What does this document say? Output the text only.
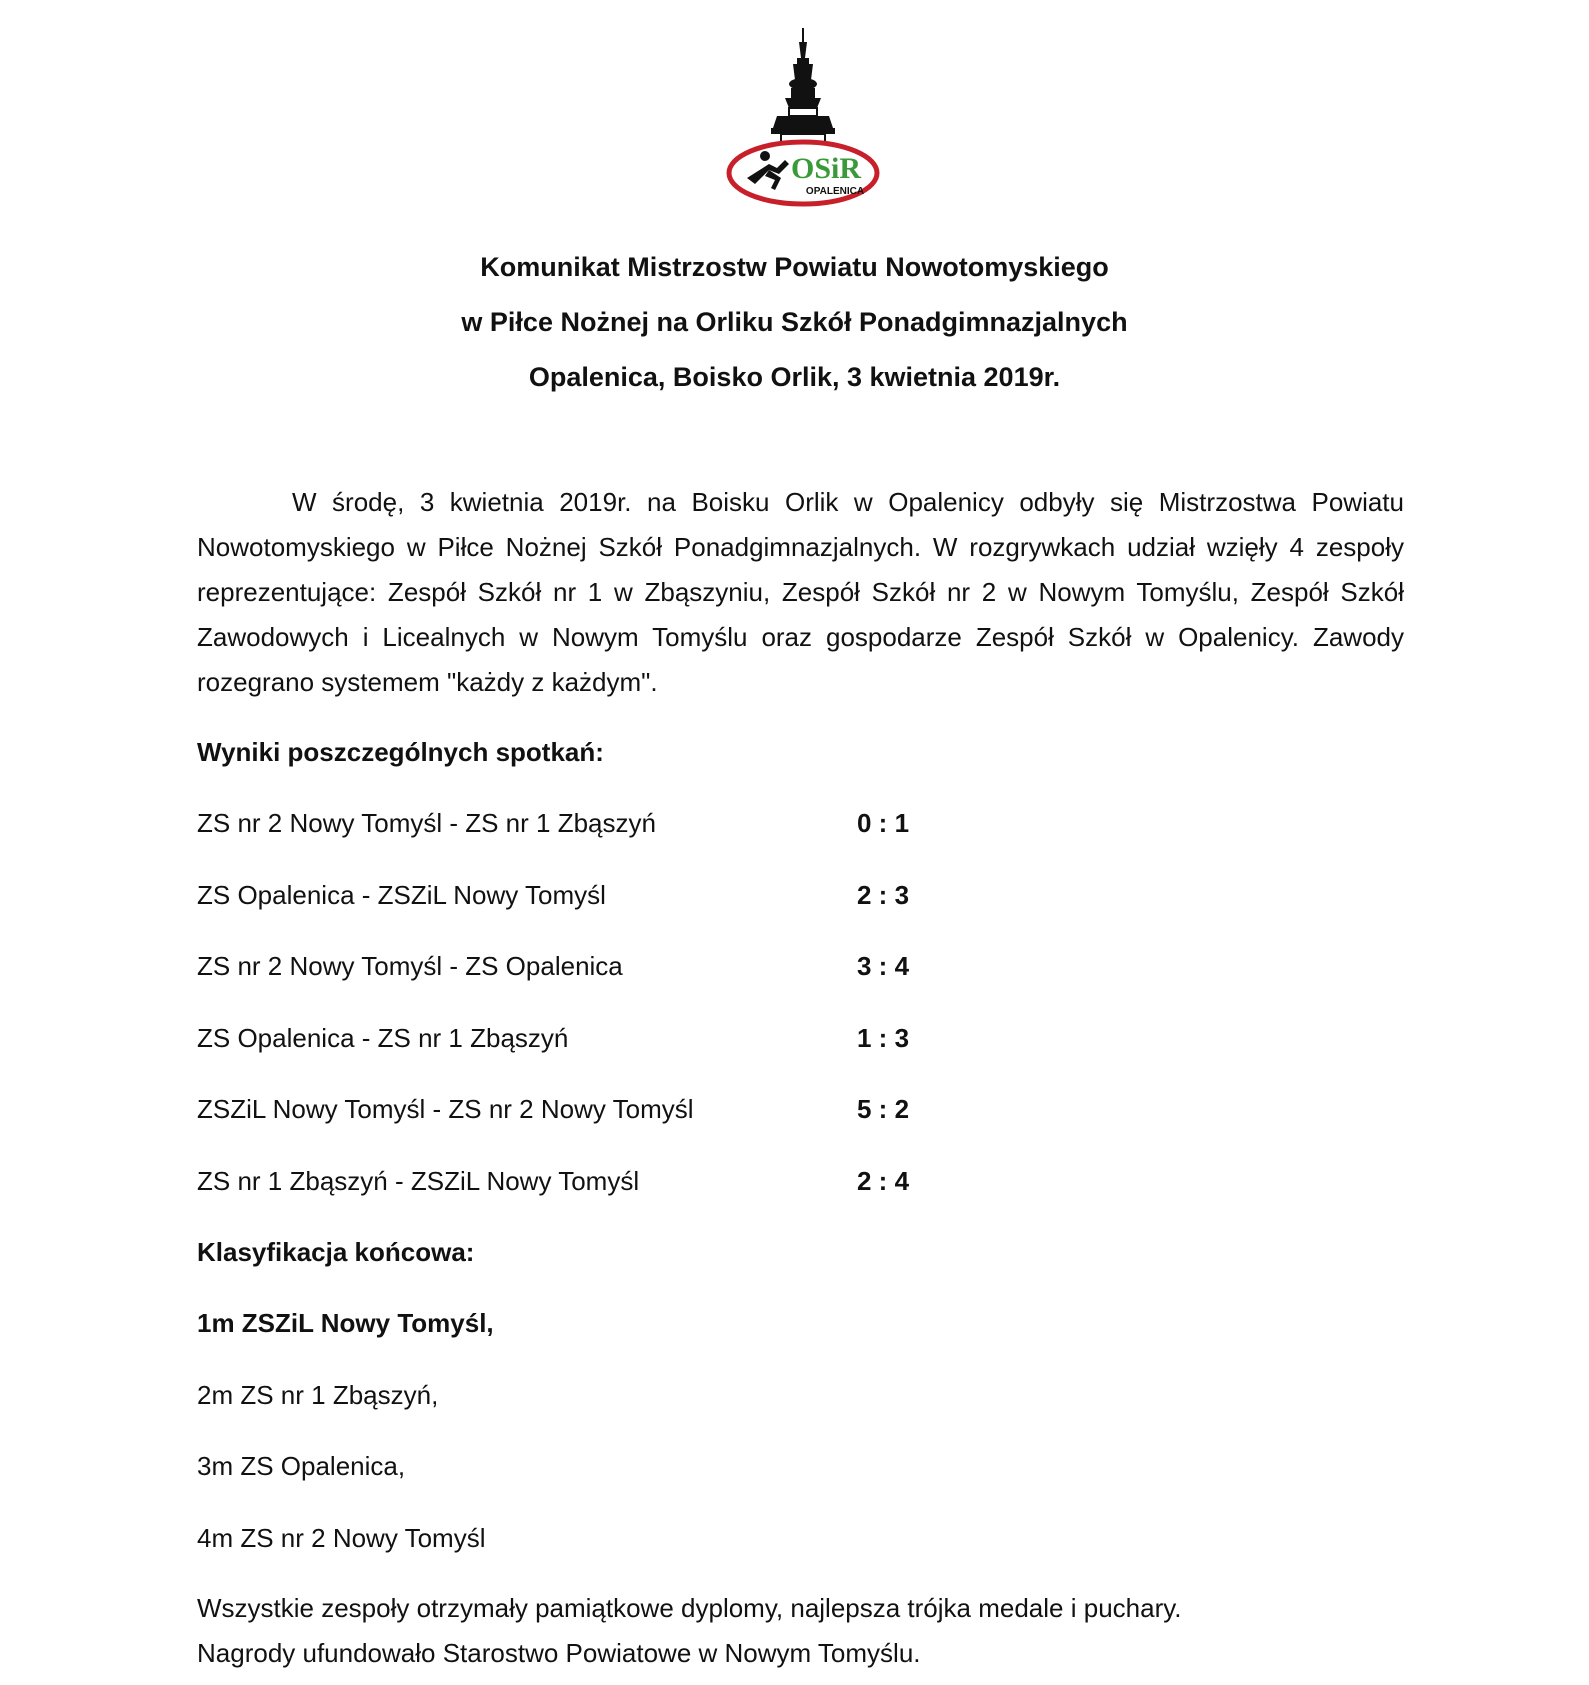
OSiR
OPALENICA
Komunikat Mistrzostw Powiatu Nowotomyskiego
w Piłce Nożnej na Orliku Szkół Ponadgimnazjalnych
Opalenica, Boisko Orlik, 3 kwietnia 2019r.

W środę, 3 kwietnia 2019r. na Boisku Orlik w Opalenicy odbyły się Mistrzostwa Powiatu Nowotomyskiego w Piłce Nożnej Szkół Ponadgimnazjalnych. W rozgrywkach udział wzięły 4 zespoły reprezentujące: Zespół Szkół nr 1 w Zbąszyniu, Zespół Szkół nr 2 w Nowym Tomyślu, Zespół Szkół Zawodowych i Licealnych w Nowym Tomyślu oraz gospodarze Zespół Szkół w Opalenicy. Zawody rozegrano systemem "każdy z każdym".

Wyniki poszczególnych spotkań:
ZS nr 2 Nowy Tomyśl - ZS nr 1 Zbąszyń	0 : 1
ZS Opalenica - ZSZiL Nowy Tomyśl	2 : 3
ZS nr 2 Nowy Tomyśl - ZS Opalenica	3 : 4
ZS Opalenica - ZS nr 1 Zbąszyń	1 : 3
ZSZiL Nowy Tomyśl - ZS nr 2 Nowy Tomyśl	5 : 2
ZS nr 1 Zbąszyń - ZSZiL Nowy Tomyśl	2 : 4
Klasyfikacja końcowa:
1m ZSZiL Nowy Tomyśl,
2m ZS nr 1 Zbąszyń,
3m ZS Opalenica,
4m ZS nr 2 Nowy Tomyśl

Wszystkie zespoły otrzymały pamiątkowe dyplomy, najlepsza trójka medale i puchary.
Nagrody ufundowało Starostwo Powiatowe w Nowym Tomyślu.
